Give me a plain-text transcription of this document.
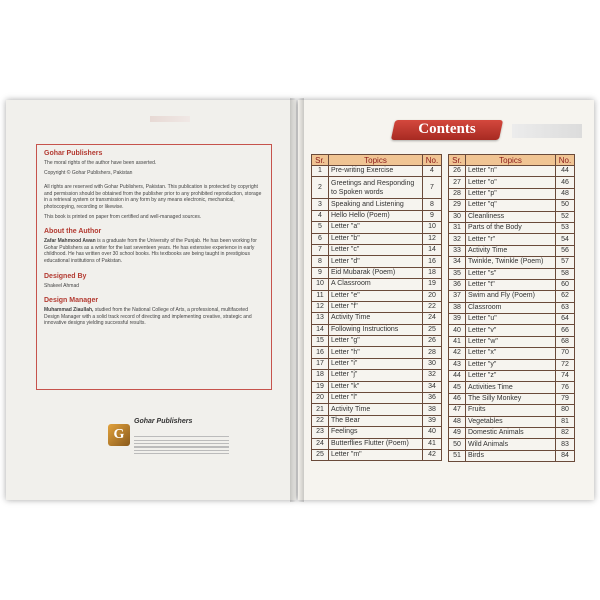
Gohar Publishers

The moral rights of the author have been asserted.

Copyright © Gohar Publishers, Pakistan

All rights are reserved with Gohar Publishers, Pakistan. This publication is protected by copyright and permission should be obtained from the publisher prior to any prohibited reproduction, storage in a retrieval system or transmission in any form by any means electronic, mechanical, photocopying, recording or likewise.

This book is printed on paper from certified and well-managed sources.

About the Author

Zafar Mahmood Awan is a graduate from the University of the Punjab. He has been working for Gohar Publishers as a writer for the last seventeen years. He has extensive experience in early childhood. He has written over 30 school books. His textbooks are being taught in prestigious educational institutions of Pakistan.

Designed By

Shakeel Ahmad

Design Manager

Muhammad Ziaullah, studied from the National College of Arts, a professional, multifaceted Design Manager with a solid track record of directing and implementing creative, strategic and innovative designs yielding successful results.

G
Gohar Publishers
Contents
Sr.	Topics	No.
1	Pre-writing Exercise	4
2	Greetings and Responding to Spoken words	7
3	Speaking and Listening	8
4	Hello Hello (Poem)	9
5	Letter "a"	10
6	Letter "b"	12
7	Letter "c"	14
8	Letter "d"	16
9	Eid Mubarak (Poem)	18
10	A Classroom	19
11	Letter "e"	20
12	Letter "f"	22
13	Activity Time	24
14	Following Instructions	25
15	Letter "g"	26
16	Letter "h"	28
17	Letter "i"	30
18	Letter "j"	32
19	Letter "k"	34
20	Letter "l"	36
21	Activity Time	38
22	The Bear	39
23	Feelings	40
24	Butterflies Flutter (Poem)	41
25	Letter "m"	42
Sr.	Topics	No.
26	Letter "n"	44
27	Letter "o"	46
28	Letter "p"	48
29	Letter "q"	50
30	Cleanliness	52
31	Parts of the Body	53
32	Letter "r"	54
33	Activity Time	56
34	Twinkle, Twinkle (Poem)	57
35	Letter "s"	58
36	Letter "t"	60
37	Swim and Fly (Poem)	62
38	Classroom	63
39	Letter "u"	64
40	Letter "v"	66
41	Letter "w"	68
42	Letter "x"	70
43	Letter "y"	72
44	Letter "z"	74
45	Activities Time	76
46	The Silly Monkey	79
47	Fruits	80
48	Vegetables	81
49	Domestic Animals	82
50	Wild Animals	83
51	Birds	84
